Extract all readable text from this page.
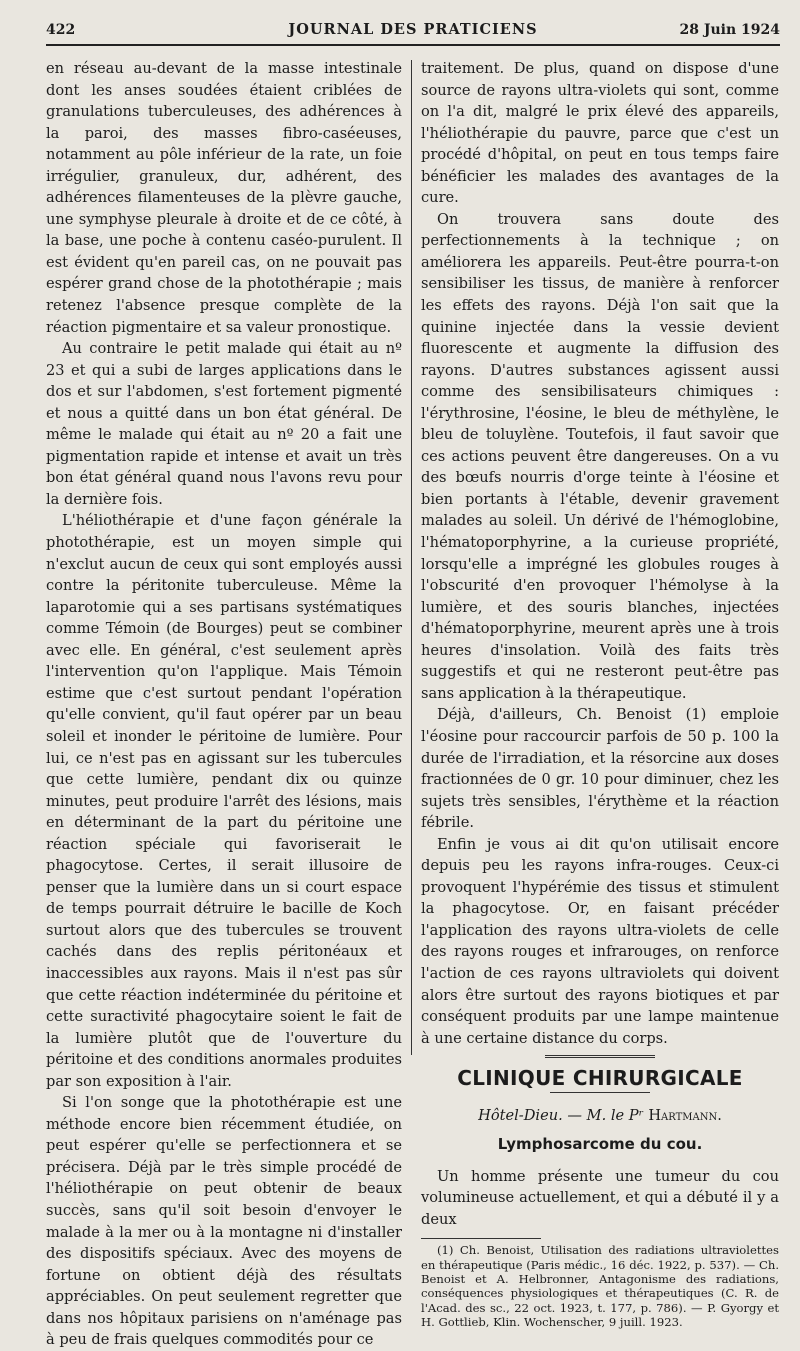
422	JOURNAL DES PRATICIENS	28 Juin 1924

en réseau au-devant de la masse intestinale dont les anses soudées étaient criblées de granulations tuberculeuses, des adhérences à la paroi, des masses fibro-caséeuses, notamment au pôle inférieur de la rate, un foie irrégulier, granuleux, dur, adhérent, des adhérences filamenteuses de la plèvre gauche, une symphyse pleurale à droite et de ce côté, à la base, une poche à contenu caséo-purulent. Il est évident qu'en pareil cas, on ne pouvait pas espérer grand chose de la photothérapie ; mais retenez l'absence presque complète de la réaction pigmentaire et sa valeur pronostique.

Au contraire le petit malade qui était au nº 23 et qui a subi de larges applications dans le dos et sur l'abdomen, s'est fortement pigmenté et nous a quitté dans un bon état général. De même le malade qui était au nº 20 a fait une pigmentation rapide et intense et avait un très bon état général quand nous l'avons revu pour la dernière fois.

L'héliothérapie et d'une façon générale la photothérapie, est un moyen simple qui n'exclut aucun de ceux qui sont employés aussi contre la péritonite tuberculeuse. Même la laparotomie qui a ses partisans systématiques comme Témoin (de Bourges) peut se combiner avec elle. En général, c'est seulement après l'intervention qu'on l'applique. Mais Témoin estime que c'est surtout pendant l'opération qu'elle convient, qu'il faut opérer par un beau soleil et inonder le péritoine de lumière. Pour lui, ce n'est pas en agissant sur les tubercules que cette lumière, pendant dix ou quinze minutes, peut produire l'arrêt des lésions, mais en déterminant de la part du péritoine une réaction spéciale qui favoriserait le phagocytose. Certes, il serait illusoire de penser que la lumière dans un si court espace de temps pourrait détruire le bacille de Koch surtout alors que des tubercules se trouvent cachés dans des replis péritonéaux et inaccessibles aux rayons. Mais il n'est pas sûr que cette réaction indéterminée du péritoine et cette suractivité phagocytaire soient le fait de la lumière plutôt que de l'ouverture du péritoine et des conditions anormales produites par son exposition à l'air.

Si l'on songe que la photothérapie est une méthode encore bien récemment étudiée, on peut espérer qu'elle se perfectionnera et se précisera. Déjà par le très simple procédé de l'héliothérapie on peut obtenir de beaux succès, sans qu'il soit besoin d'envoyer le malade à la mer ou à la montagne ni d'installer des dispositifs spéciaux. Avec des moyens de fortune on obtient déjà des résultats appréciables. On peut seulement regretter que dans nos hôpitaux parisiens on n'aménage pas à peu de frais quelques commodités pour ce

traitement. De plus, quand on dispose d'une source de rayons ultra-violets qui sont, comme on l'a dit, malgré le prix élevé des appareils, l'héliothérapie du pauvre, parce que c'est un procédé d'hôpital, on peut en tous temps faire bénéficier les malades des avantages de la cure.

On trouvera sans doute des perfectionnements à la technique ; on améliorera les appareils. Peut-être pourra-t-on sensibiliser les tissus, de manière à renforcer les effets des rayons. Déjà l'on sait que la quinine injectée dans la vessie devient fluorescente et augmente la diffusion des rayons. D'autres substances agissent aussi comme des sensibilisateurs chimiques : l'érythrosine, l'éosine, le bleu de méthylène, le bleu de toluylène. Toutefois, il faut savoir que ces actions peuvent être dangereuses. On a vu des bœufs nourris d'orge teinte à l'éosine et bien portants à l'étable, devenir gravement malades au soleil. Un dérivé de l'hémoglobine, l'hématoporphyrine, a la curieuse propriété, lorsqu'elle a imprégné les globules rouges à l'obscurité d'en provoquer l'hémolyse à la lumière, et des souris blanches, injectées d'hématoporphyrine, meurent après une à trois heures d'insolation. Voilà des faits très suggestifs et qui ne resteront peut-être pas sans application à la thérapeutique.

Déjà, d'ailleurs, Ch. Benoist (1) emploie l'éosine pour raccourcir parfois de 50 p. 100 la durée de l'irradiation, et la résorcine aux doses fractionnées de 0 gr. 10 pour diminuer, chez les sujets très sensibles, l'érythème et la réaction fébrile.

Enfin je vous ai dit qu'on utilisait encore depuis peu les rayons infra-rouges. Ceux-ci provoquent l'hypérémie des tissus et stimulent la phagocytose. Or, en faisant précéder l'application des rayons ultra-violets de celle des rayons rouges et infrarouges, on renforce l'action de ces rayons ultraviolets qui doivent alors être surtout des rayons biotiques et par conséquent produits par une lampe maintenue à une certaine distance du corps.

CLINIQUE CHIRURGICALE
Hôtel-Dieu. — M. le Pʳ Hartmann.
Lymphosarcome du cou.

Un homme présente une tumeur du cou volumineuse actuellement, et qui a débuté il y a deux

(1) Ch. Benoist, Utilisation des radiations ultraviolettes en thérapeutique (Paris médic., 16 déc. 1922, p. 537). — Ch. Benoist et A. Helbronner, Antagonisme des radiations, conséquences physiologiques et thérapeutiques (C. R. de l'Acad. des sc., 22 oct. 1923, t. 177, p. 786). — P. Gyorgy et H. Gottlieb, Klin. Wochenscher, 9 juill. 1923.
